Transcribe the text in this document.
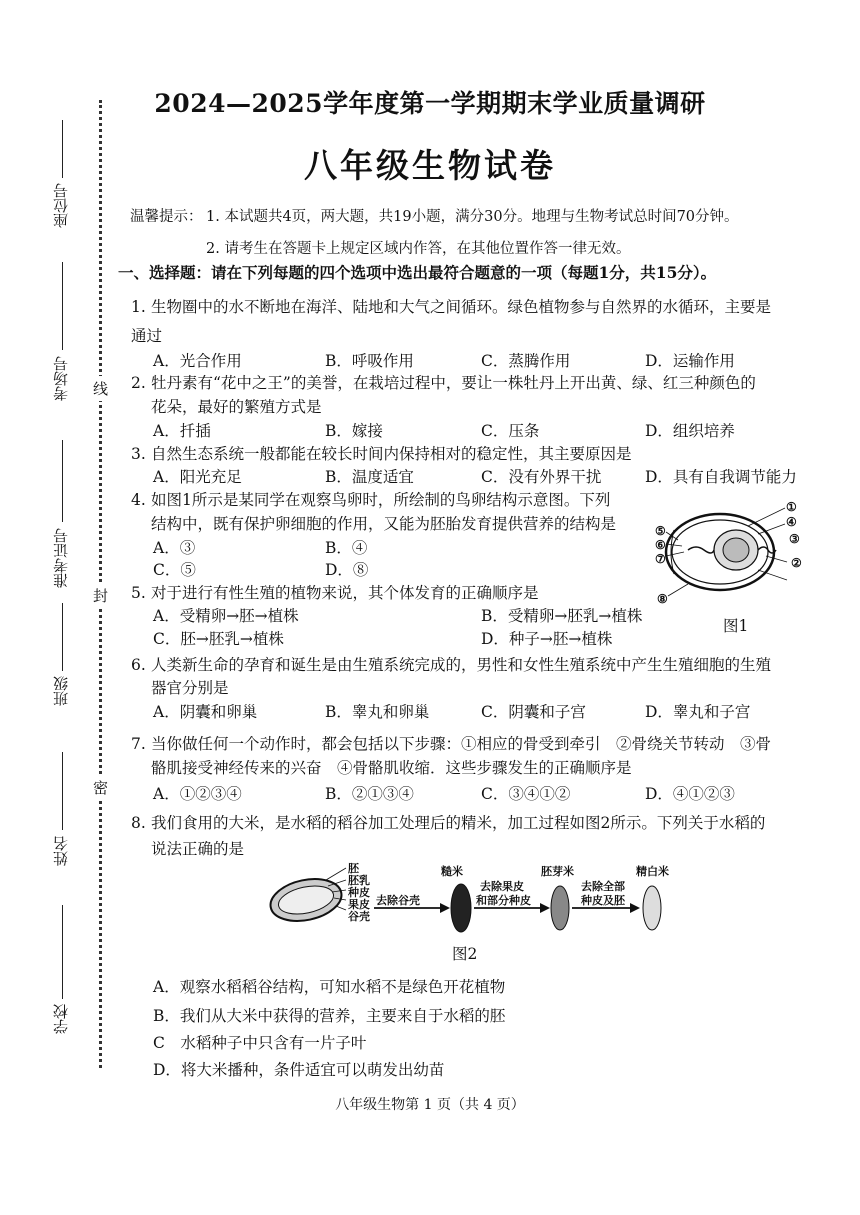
线
封
密
座位号
考场号
准考证号
班级
姓名
学校
2024—2025学年度第一学期期末学业质量调研
八年级生物试卷
温馨提示： 1. 本试题共4页，两大题，共19小题，满分30分。地理与生物考试总时间70分钟。
2. 请考生在答题卡上规定区域内作答，在其他位置作答一律无效。
一、选择题：请在下列每题的四个选项中选出最符合题意的一项（每题1分，共15分）。
1. 生物圈中的水不断地在海洋、陆地和大气之间循环。绿色植物参与自然界的水循环，主要是
通过
A．光合作用	B．呼吸作用	C．蒸腾作用	D．运输作用
2. 牡丹素有“花中之王”的美誉，在栽培过程中，要让一株牡丹上开出黄、绿、红三种颜色的
花朵，最好的繁殖方式是
A．扦插	B．嫁接	C．压条	D．组织培养
3. 自然生态系统一般都能在较长时间内保持相对的稳定性，其主要原因是
A．阳光充足	B．温度适宜	C．没有外界干扰	D．具有自我调节能力
4. 如图1所示是某同学在观察鸟卵时，所绘制的鸟卵结构示意图。下列
结构中，既有保护卵细胞的作用，又能为胚胎发育提供营养的结构是
A．③	B．④
C．⑤	D．⑧
①
②
③
④
⑤
⑥
⑦
⑧
图1
5. 对于进行有性生殖的植物来说，其个体发育的正确顺序是
A．受精卵→胚→植株	B．受精卵→胚乳→植株
C．胚→胚乳→植株	D．种子→胚→植株
6. 人类新生命的孕育和诞生是由生殖系统完成的，男性和女性生殖系统中产生生殖细胞的生殖
器官分别是
A．阴囊和卵巢	B．睾丸和卵巢	C．阴囊和子宫	D．睾丸和子宫
7. 当你做任何一个动作时，都会包括以下步骤：①相应的骨受到牵引　②骨绕关节转动　③骨
骼肌接受神经传来的兴奋　④骨骼肌收缩．这些步骤发生的正确顺序是
A．①②③④	B．②①③④	C．③④①②	D．④①②③
8. 我们食用的大米，是水稻的稻谷加工处理后的精米，加工过程如图2所示。下列关于水稻的
说法正确的是
胚
胚乳
种皮
果皮
谷壳
去除谷壳
糙米
去除果皮
和部分种皮
胚芽米
去除全部
种皮及胚
精白米
图2
A．观察水稻稻谷结构，可知水稻不是绿色开花植物
B．我们从大米中获得的营养，主要来自于水稻的胚
C　水稻种子中只含有一片子叶
D．将大米播种，条件适宜可以萌发出幼苗
八年级生物第 1 页（共 4 页）
